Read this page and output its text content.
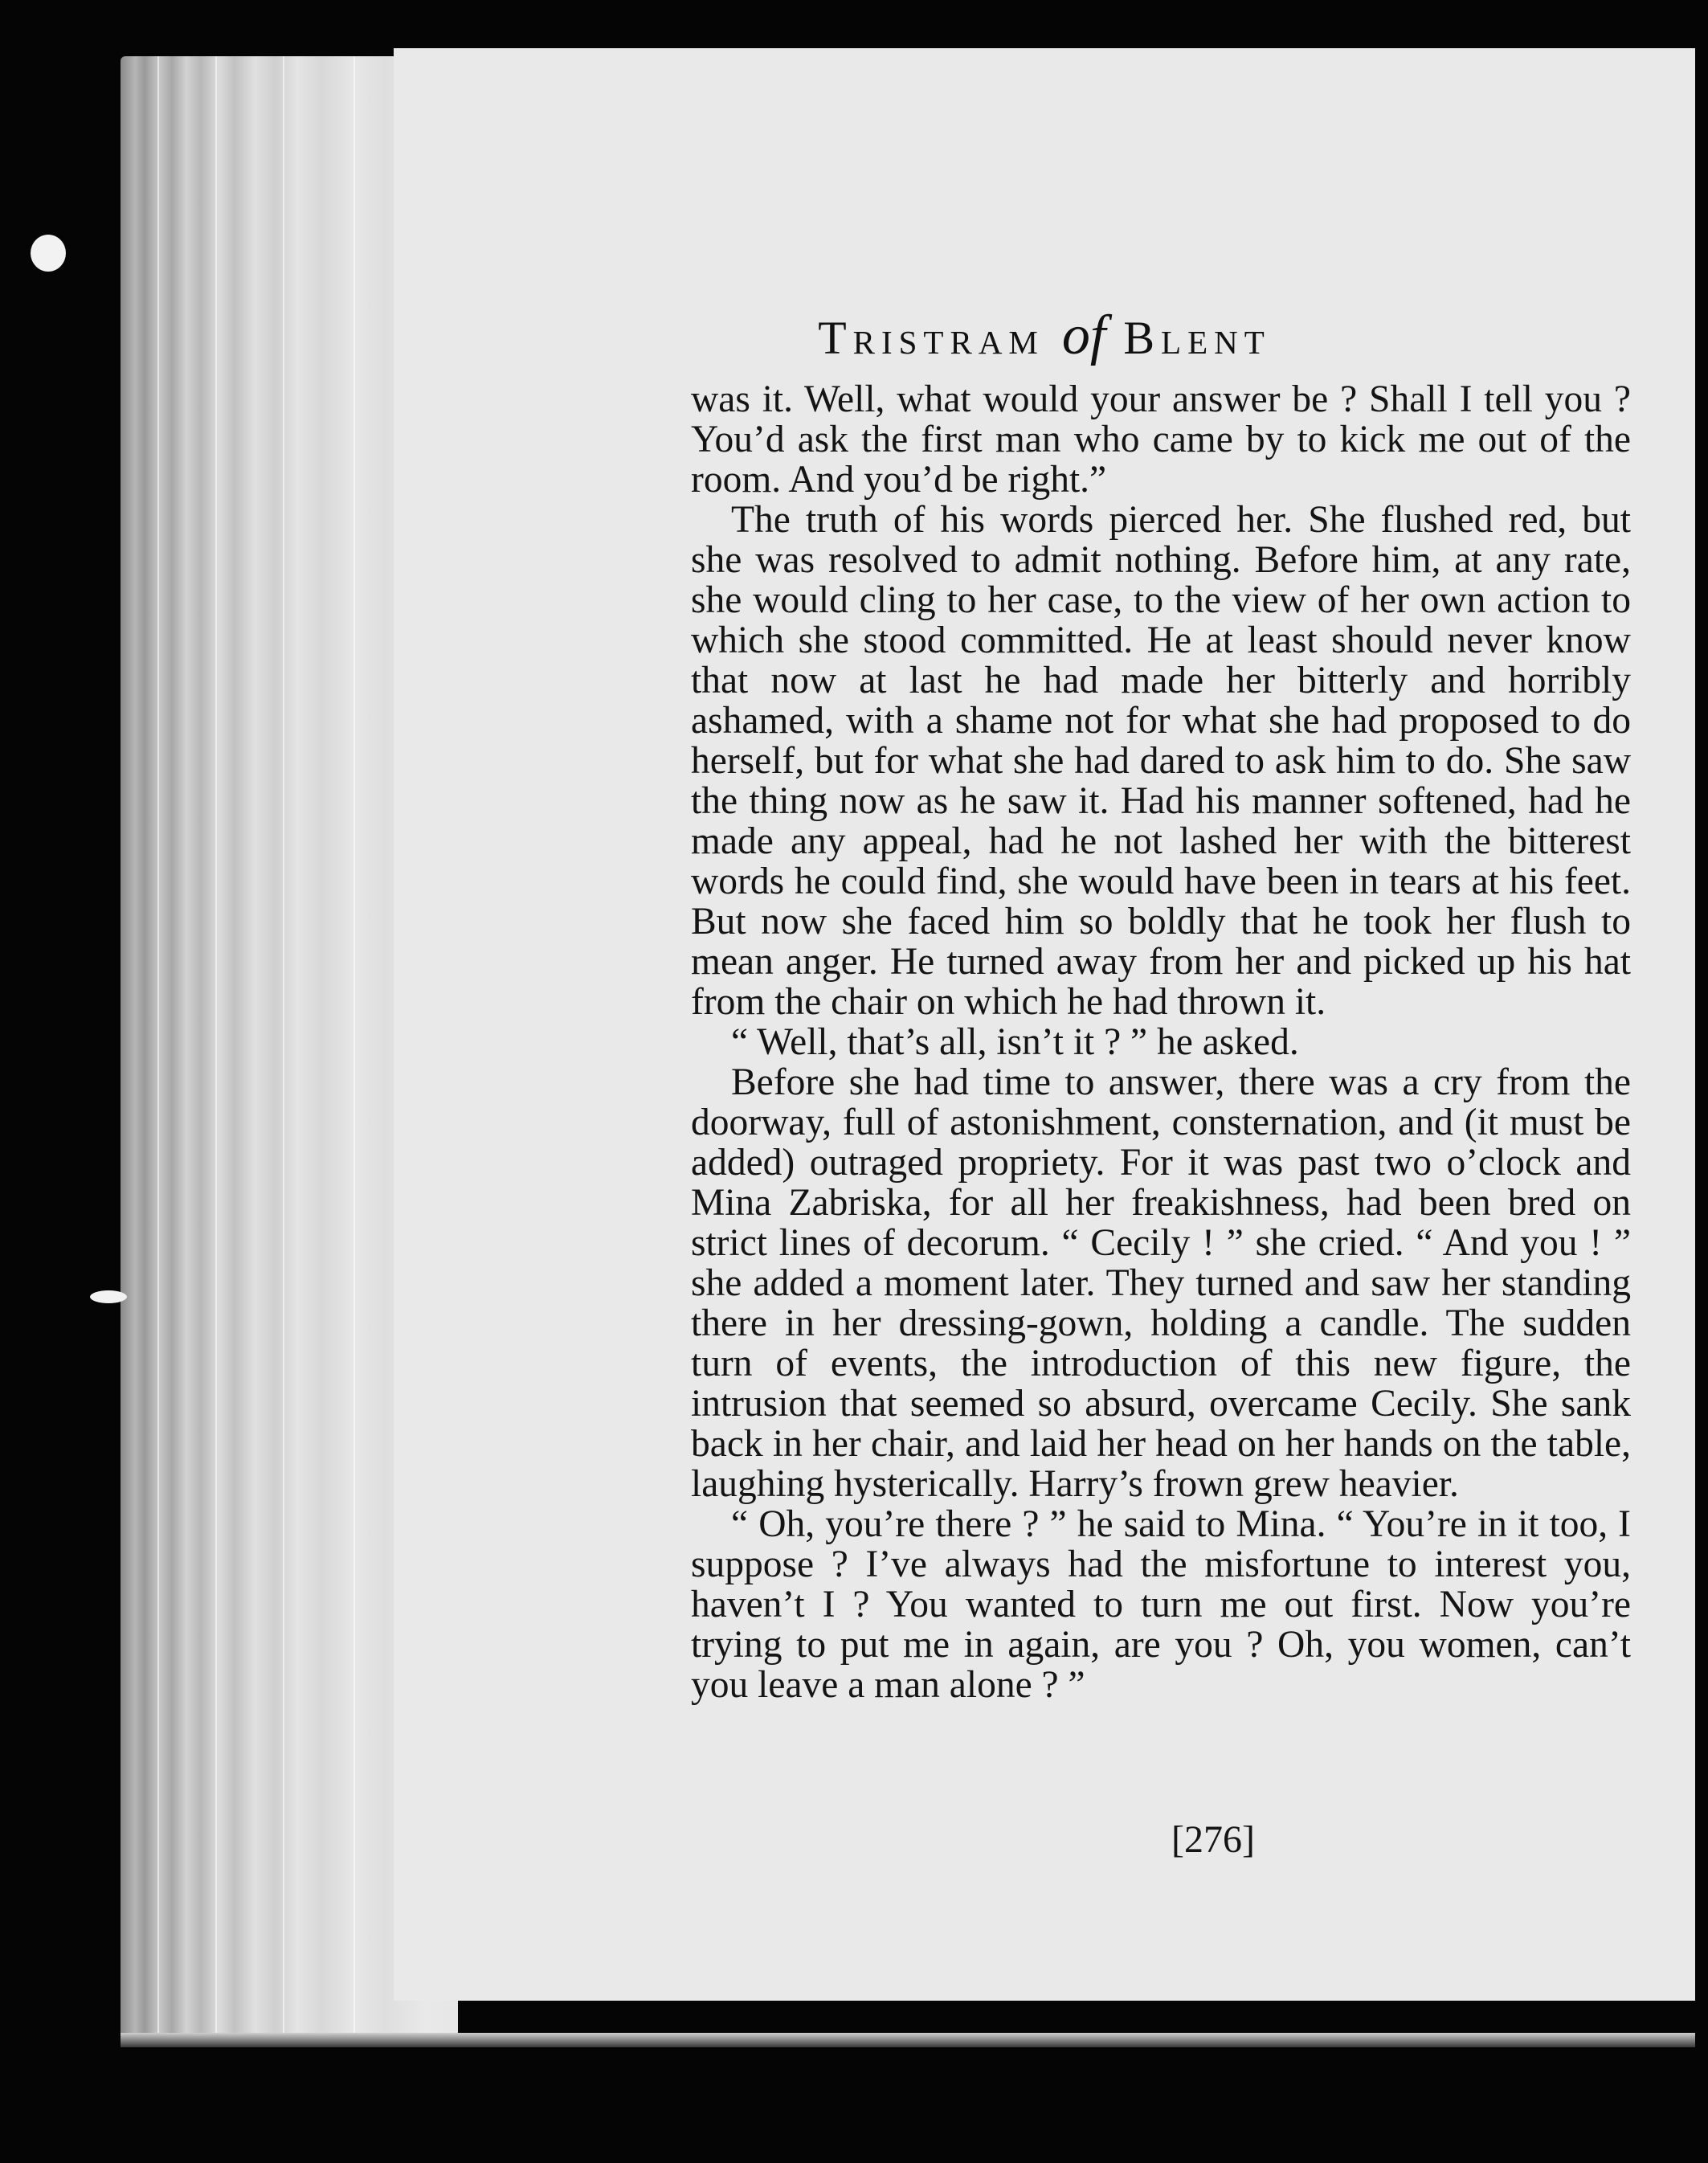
Tristram of Blent

was it. Well, what would your answer be ? Shall I tell you ? You’d ask the first man who came by to kick me out of the room. And you’d be right.”

The truth of his words pierced her. She flushed red, but she was resolved to admit nothing. Before him, at any rate, she would cling to her case, to the view of her own action to which she stood committed. He at least should never know that now at last he had made her bitterly and horribly ashamed, with a shame not for what she had proposed to do herself, but for what she had dared to ask him to do. She saw the thing now as he saw it. Had his manner softened, had he made any appeal, had he not lashed her with the bitterest words he could find, she would have been in tears at his feet. But now she faced him so boldly that he took her flush to mean anger. He turned away from her and picked up his hat from the chair on which he had thrown it.

“ Well, that’s all, isn’t it ? ” he asked.

Before she had time to answer, there was a cry from the doorway, full of astonishment, consternation, and (it must be added) outraged propriety. For it was past two o’clock and Mina Zabriska, for all her freakishness, had been bred on strict lines of decorum. “ Cecily ! ” she cried. “ And you ! ” she added a moment later. They turned and saw her standing there in her dressing-gown, holding a candle. The sudden turn of events, the introduction of this new figure, the intrusion that seemed so absurd, overcame Cecily. She sank back in her chair, and laid her head on her hands on the table, laughing hysterically. Harry’s frown grew heavier.

“ Oh, you’re there ? ” he said to Mina. “ You’re in it too, I suppose ? I’ve always had the misfortune to interest you, haven’t I ? You wanted to turn me out first. Now you’re trying to put me in again, are you ? Oh, you women, can’t you leave a man alone ? ”

[276]
